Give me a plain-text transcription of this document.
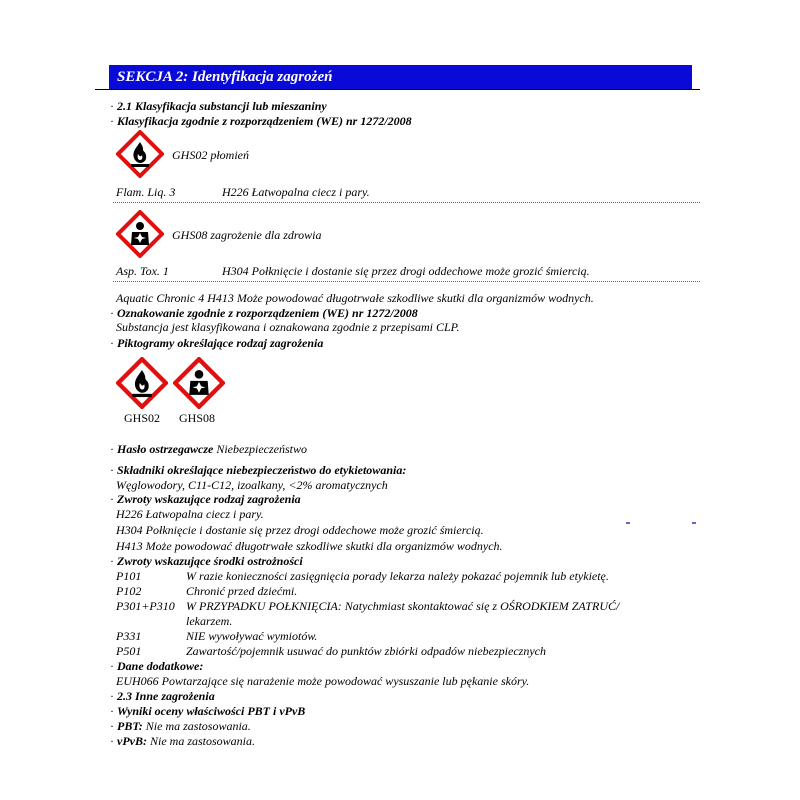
SEKCJA 2: Identyfikacja zagrożeń
· 2.1 Klasyfikacja substancji lub mieszaniny
· Klasyfikacja zgodnie z rozporządzeniem (WE) nr 1272/2008
GHS02 płomień
Flam. Liq. 3	H226 Łatwopalna ciecz i pary.
GHS08 zagrożenie dla zdrowia
Asp. Tox. 1	H304 Połknięcie i dostanie się przez drogi oddechowe może grozić śmiercią.
Aquatic Chronic 4 H413 Może powodować długotrwałe szkodliwe skutki dla organizmów wodnych.
· Oznakowanie zgodnie z rozporządzeniem (WE) nr 1272/2008
Substancja jest klasyfikowana i oznakowana zgodnie z przepisami CLP.
· Piktogramy określające rodzaj zagrożenia
GHS02 GHS08
· Hasło ostrzegawcze Niebezpieczeństwo
· Składniki określające niebezpieczeństwo do etykietowania:
Węglowodory, C11-C12, izoalkany, <2% aromatycznych
· Zwroty wskazujące rodzaj zagrożenia
H226 Łatwopalna ciecz i pary.
H304 Połknięcie i dostanie się przez drogi oddechowe może grozić śmiercią.
H413 Może powodować długotrwałe szkodliwe skutki dla organizmów wodnych.
· Zwroty wskazujące środki ostrożności
P101	W razie konieczności zasięgnięcia porady lekarza należy pokazać pojemnik lub etykietę.
P102	Chronić przed dziećmi.
P301+P310 W PRZYPADKU POŁKNIĘCIA: Natychmiast skontaktować się z OŚRODKIEM ZATRUĆ/
lekarzem.
P331	NIE wywoływać wymiotów.
P501	Zawartość/pojemnik usuwać do punktów zbiórki odpadów niebezpiecznych
· Dane dodatkowe:
EUH066 Powtarzające się narażenie może powodować wysuszanie lub pękanie skóry.
· 2.3 Inne zagrożenia
· Wyniki oceny właściwości PBT i vPvB
· PBT: Nie ma zastosowania.
· vPvB: Nie ma zastosowania.
